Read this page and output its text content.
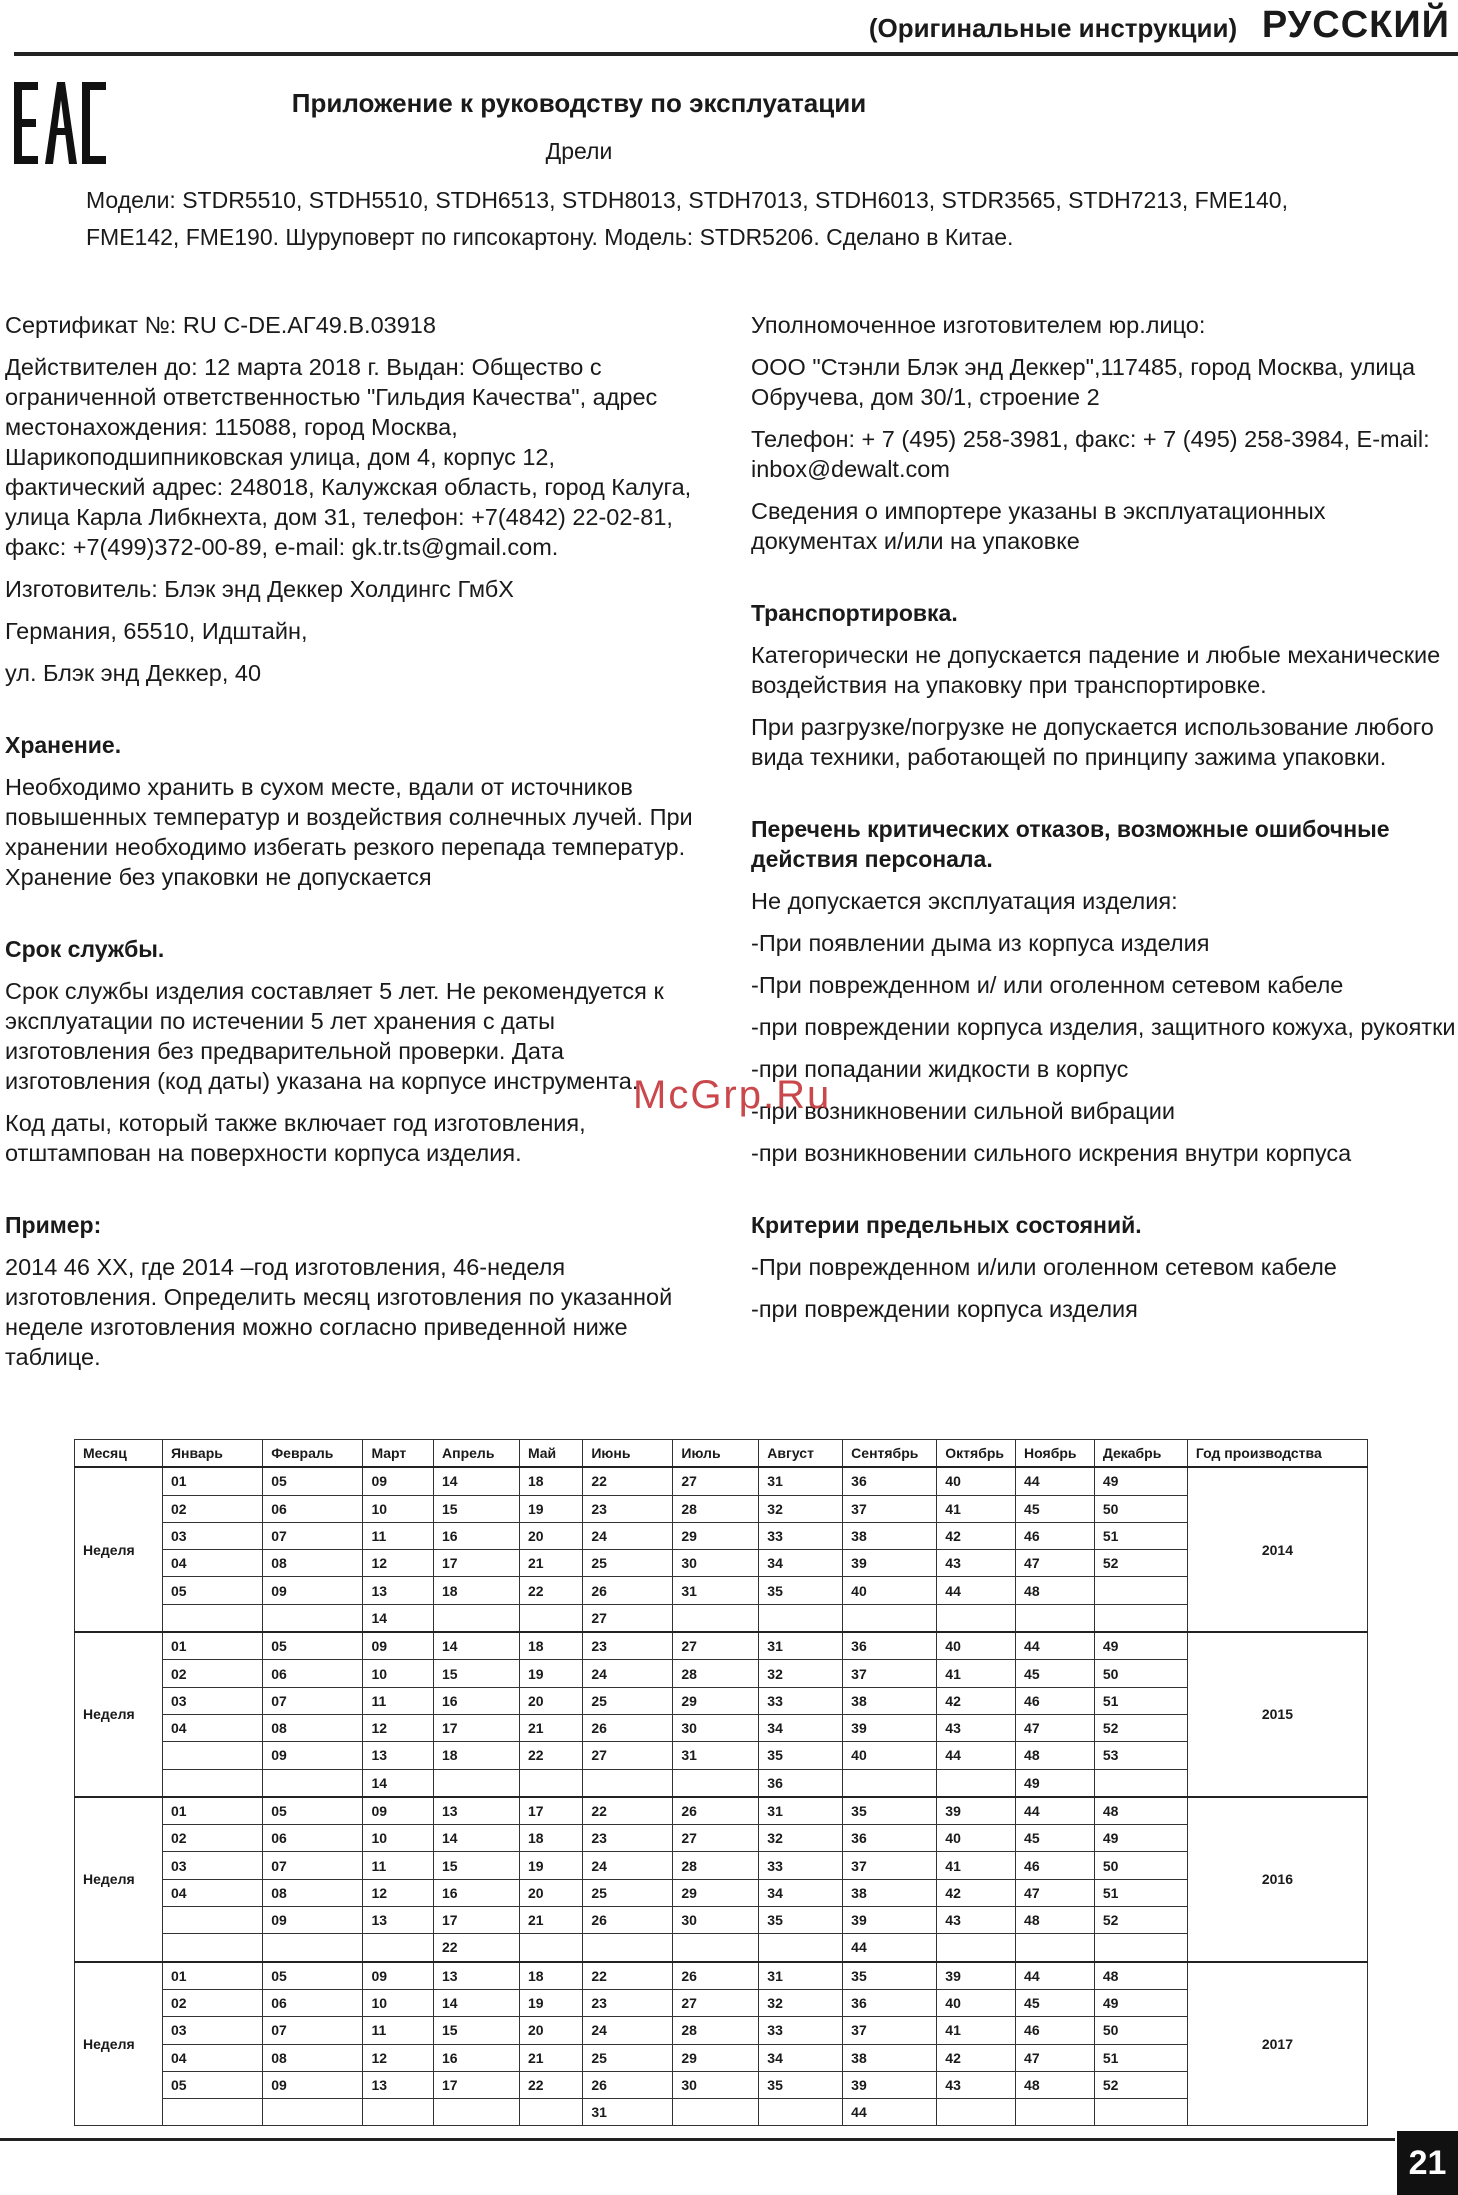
(Оригинальные инструкции) РУССКИЙ
Приложение к руководству по эксплуатации
Дрели
Модели: STDR5510, STDH5510, STDH6513, STDH8013, STDH7013, STDH6013, STDR3565, STDH7213, FME140, FME142, FME190. Шуруповерт по гипсокартону. Модель: STDR5206. Сделано в Китае.

Сертификат №: RU C-DE.АГ49.В.03918

Действителен до: 12 марта 2018 г. Выдан: Общество с ограниченной ответственностью "Гильдия Качества", адрес местонахождения: 115088, город Москва, Шарикоподшипниковская улица, дом 4, корпус 12, фактический адрес: 248018, Калужская область, город Калуга, улица Карла Либкнехта, дом 31, телефон: +7(4842) 22-02-81, факс: +7(499)372-00-89, e-mail: gk.tr.ts@gmail.com.

Изготовитель: Блэк энд Деккер Холдингс ГмбХ

Германия, 65510, Идштайн,

ул. Блэк энд Деккер, 40

Хранение.

Необходимо хранить в сухом месте, вдали от источников повышенных температур и воздействия солнечных лучей. При хранении необходимо избегать резкого перепада температур. Хранение без упаковки не допускается

Срок службы.

Срок службы изделия составляет 5 лет. Не рекомендуется к эксплуатации по истечении 5 лет хранения с даты изготовления без предварительной проверки. Дата изготовления (код даты) указана на корпусе инструмента.

Код даты, который также включает год изготовления, отштампован на поверхности корпуса изделия.

Пример:

2014 46 XX, где 2014 –год изготовления, 46-неделя изготовления. Определить месяц изготовления по указанной неделе изготовления можно согласно приведенной ниже таблице.

Уполномоченное изготовителем юр.лицо:

ООО "Стэнли Блэк энд Деккер",117485, город Москва, улица Обручева, дом 30/1, строение 2

Телефон: + 7 (495) 258-3981, факс: + 7 (495) 258-3984, E-mail: inbox@dewalt.com

Сведения о импортере указаны в эксплуатационных документах и/или на упаковке

Транспортировка.

Категорически не допускается падение и любые механические воздействия на упаковку при транспортировке.

При разгрузке/погрузке не допускается использование любого вида техники, работающей по принципу зажима упаковки.

Перечень критических отказов, возможные ошибочные действия персонала.

Не допускается эксплуатация изделия:

-При появлении дыма из корпуса изделия

-При поврежденном и/ или оголенном сетевом кабеле

-при повреждении корпуса изделия, защитного кожуха, рукоятки

-при попадании жидкости в корпус

-при возникновении сильной вибрации

-при возникновении сильного искрения внутри корпуса

Критерии предельных состояний.

-При поврежденном и/или оголенном сетевом кабеле

-при повреждении корпуса изделия

McGrp.Ru
Месяц	Январь	Февраль	Март	Апрель	Май	Июнь	Июль	Август	Сентябрь	Октябрь	Ноябрь	Декабрь	Год производства
Неделя	01	05	09	14	18	22	27	31	36	40	44	49	2014
	02	06	10	15	19	23	28	32	37	41	45	50	
	03	07	11	16	20	24	29	33	38	42	46	51	
	04	08	12	17	21	25	30	34	39	43	47	52	
	05	09	13	18	22	26	31	35	40	44	48		
			14			27							
Неделя	01	05	09	14	18	23	27	31	36	40	44	49	2015
	02	06	10	15	19	24	28	32	37	41	45	50	
	03	07	11	16	20	25	29	33	38	42	46	51	
	04	08	12	17	21	26	30	34	39	43	47	52	
		09	13	18	22	27	31	35	40	44	48	53	
			14					36			49		
Неделя	01	05	09	13	17	22	26	31	35	39	44	48	2016
	02	06	10	14	18	23	27	32	36	40	45	49	
	03	07	11	15	19	24	28	33	37	41	46	50	
	04	08	12	16	20	25	29	34	38	42	47	51	
		09	13	17	21	26	30	35	39	43	48	52	
				22					44				
Неделя	01	05	09	13	18	22	26	31	35	39	44	48	2017
	02	06	10	14	19	23	27	32	36	40	45	49	
	03	07	11	15	20	24	28	33	37	41	46	50	
	04	08	12	16	21	25	29	34	38	42	47	51	
	05	09	13	17	22	26	30	35	39	43	48	52	
						31			44				
21
